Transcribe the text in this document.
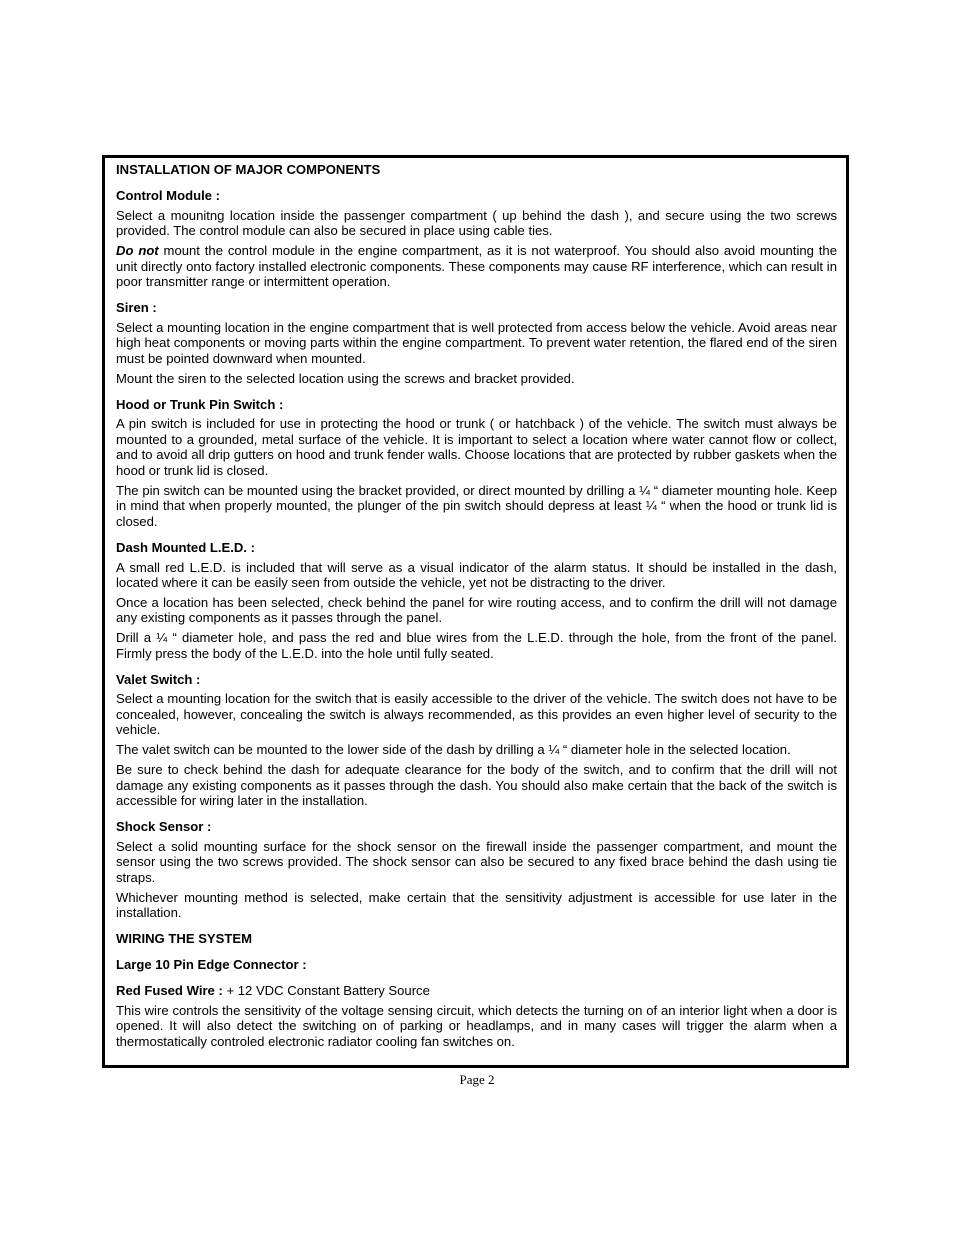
INSTALLATION OF MAJOR COMPONENTS
Control Module :

Select a mounitng location inside the passenger compartment ( up behind the dash ), and secure using the two screws provided. The control module can also be secured in place using cable ties.

Do not mount the control module in the engine compartment, as it is not waterproof. You should also avoid mounting the unit directly onto factory installed electronic components. These components may cause RF interference, which can result in poor transmitter range or intermittent operation.

Siren :

Select a mounting location in the engine compartment that is well protected from access below the vehicle. Avoid areas near high heat components or moving parts within the engine compartment. To prevent water retention, the flared end of the siren must be pointed downward when mounted.

Mount the siren to the selected location using the screws and bracket provided.

Hood or Trunk Pin Switch :

A pin switch is included for use in protecting the hood or trunk ( or hatchback ) of the vehicle. The switch must always be mounted to a grounded, metal surface of the vehicle. It is important to select a location where water cannot flow or collect, and to avoid all drip gutters on hood and trunk fender walls. Choose locations that are protected by rubber gaskets when the hood or trunk lid is closed.

The pin switch can be mounted using the bracket provided, or direct mounted by drilling a ¼ “ diameter mounting hole. Keep in mind that when properly mounted, the plunger of the pin switch should depress at least ¼ “ when the hood or trunk lid is closed.

Dash Mounted L.E.D. :

A small red L.E.D. is included that will serve as a visual indicator of the alarm status. It should be installed in the dash, located where it can be easily seen from outside the vehicle, yet not be distracting to the driver.

Once a location has been selected, check behind the panel for wire routing access, and to confirm the drill will not damage any existing components as it passes through the panel.

Drill a ¼ “ diameter hole, and pass the red and blue wires from the L.E.D. through the hole, from the front of the panel. Firmly press the body of the L.E.D. into the hole until fully seated.

Valet Switch :

Select a mounting location for the switch that is easily accessible to the driver of the vehicle. The switch does not have to be concealed, however, concealing the switch is always recommended, as this provides an even higher level of security to the vehicle.

The valet switch can be mounted to the lower side of the dash by drilling a ¼ “ diameter hole in the selected location.

Be sure to check behind the dash for adequate clearance for the body of the switch, and to confirm that the drill will not damage any existing components as it passes through the dash. You should also make certain that the back of the switch is accessible for wiring later in the installation.

Shock Sensor :

Select a solid mounting surface for the shock sensor on the firewall inside the passenger compartment, and mount the sensor using the two screws provided. The shock sensor can also be secured to any fixed brace behind the dash using tie straps.

Whichever mounting method is selected, make certain that the sensitivity adjustment is accessible for use later in the installation.

WIRING THE SYSTEM
Large 10 Pin Edge Connector :

Red Fused Wire : + 12 VDC Constant Battery Source

This wire controls the sensitivity of the voltage sensing circuit, which detects the turning on of an interior light when a door is opened. It will also detect the switching on of parking or headlamps, and in many cases will trigger the alarm when a thermostatically controled electronic radiator cooling fan switches on.

Page 2
